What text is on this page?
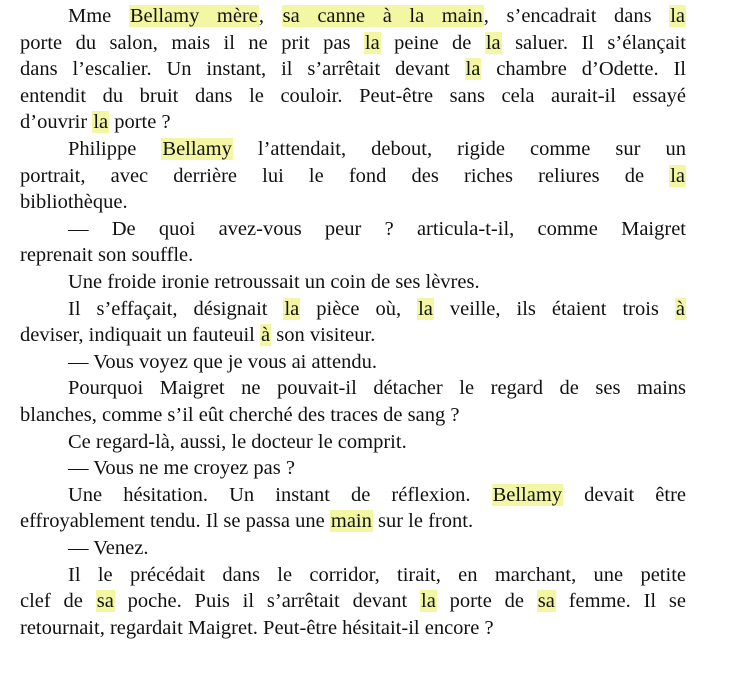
Mme Bellamy mère, sa canne à la main, s’encadrait dans la
porte du salon, mais il ne prit pas la peine de la saluer. Il s’élançait
dans l’escalier. Un instant, il s’arrêtait devant la chambre d’Odette. Il
entendit du bruit dans le couloir. Peut-être sans cela aurait-il essayé
d’ouvrir la porte ?
Philippe Bellamy l’attendait, debout, rigide comme sur un
portrait, avec derrière lui le fond des riches reliures de la
bibliothèque.
— De quoi avez-vous peur ? articula-t-il, comme Maigret
reprenait son souffle.
Une froide ironie retroussait un coin de ses lèvres.
Il s’effaçait, désignait la pièce où, la veille, ils étaient trois à
deviser, indiquait un fauteuil à son visiteur.
— Vous voyez que je vous ai attendu.
Pourquoi Maigret ne pouvait-il détacher le regard de ses mains
blanches, comme s’il eût cherché des traces de sang ?
Ce regard-là, aussi, le docteur le comprit.
— Vous ne me croyez pas ?
Une hésitation. Un instant de réflexion. Bellamy devait être
effroyablement tendu. Il se passa une main sur le front.
— Venez.
Il le précédait dans le corridor, tirait, en marchant, une petite
clef de sa poche. Puis il s’arrêtait devant la porte de sa femme. Il se
retournait, regardait Maigret. Peut-être hésitait-il encore ?
